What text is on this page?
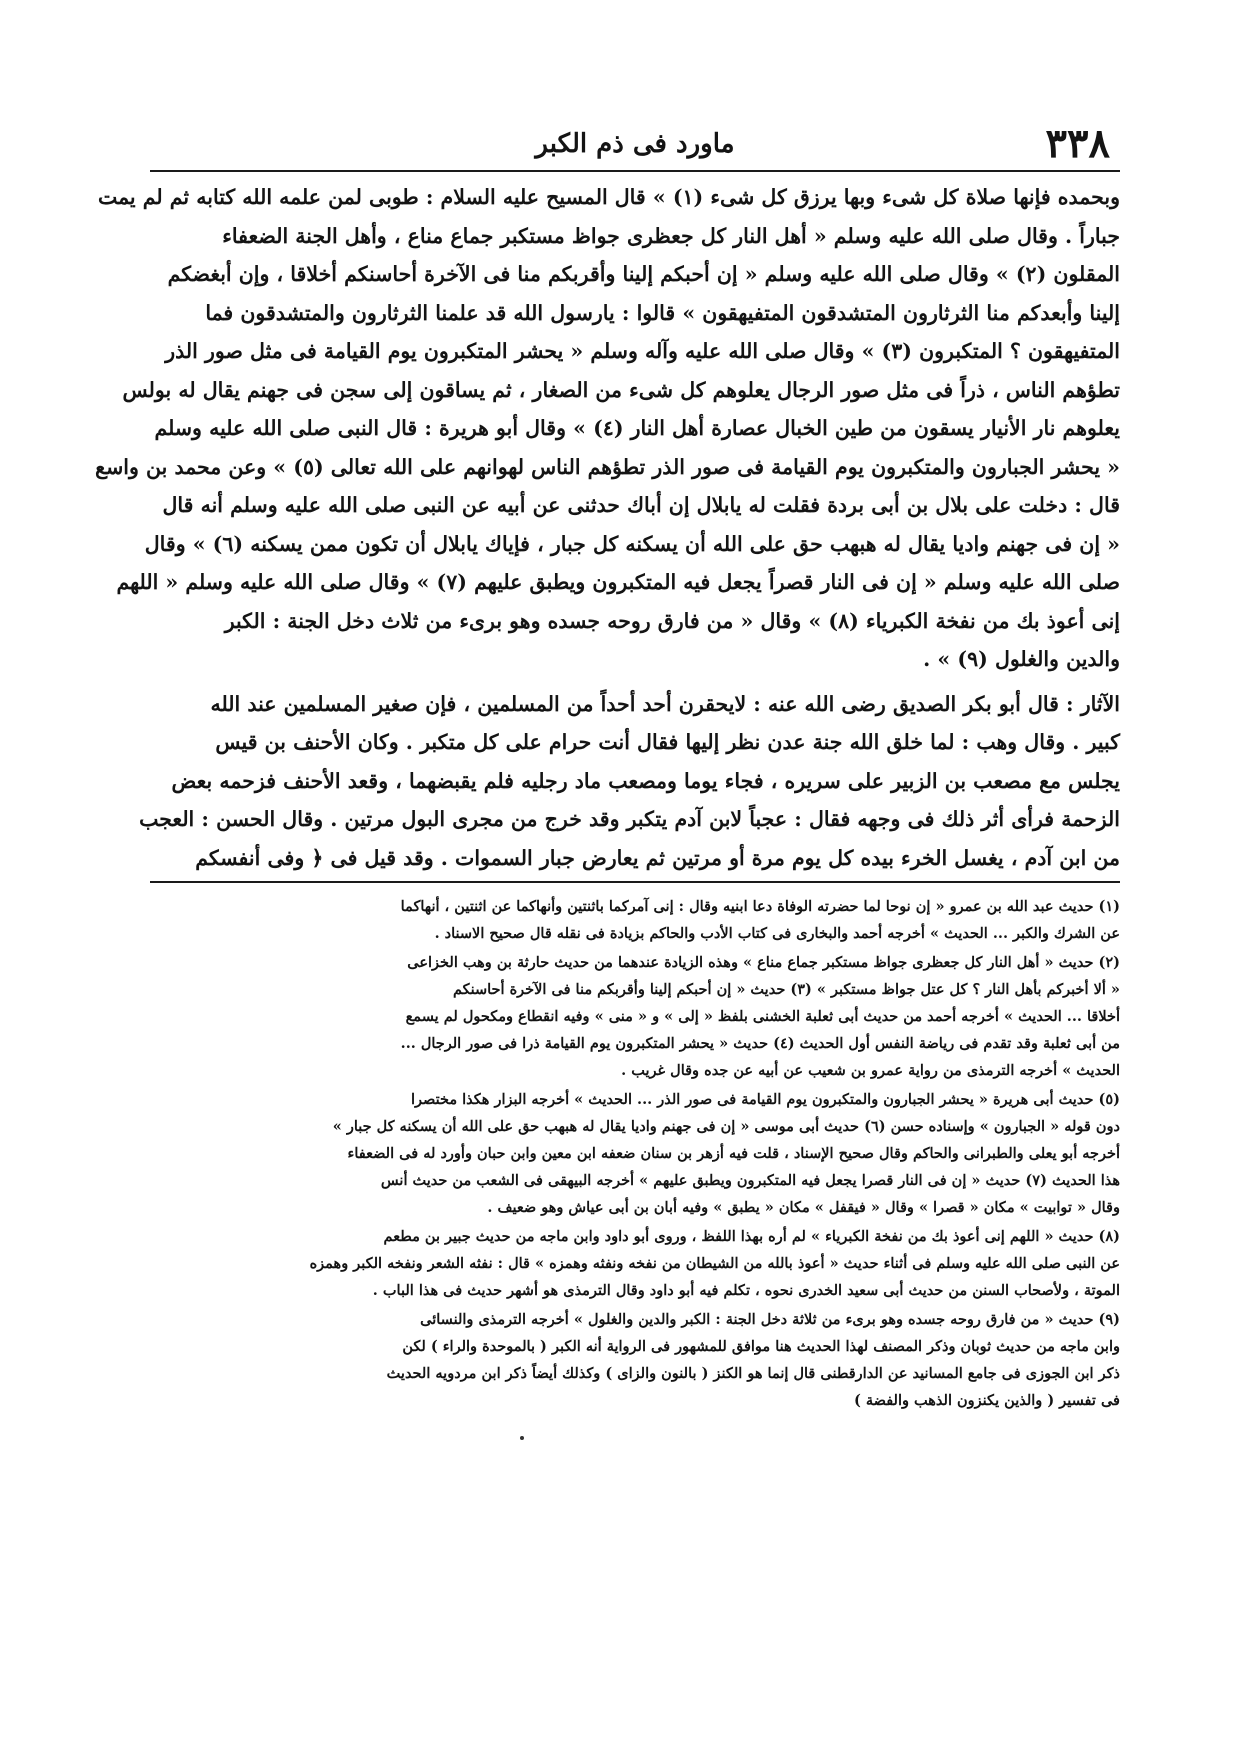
٣٣٨
ماورد فى ذم الكبر
وبحمده فإنها صلاة كل شىء وبها يرزق كل شىء (١) » قال المسيح عليه السلام : طوبى لمن علمه الله كتابه ثم لم يمت
جباراً . وقال صلى الله عليه وسلم « أهل النار كل جعظرى جواظ مستكبر جماع مناع ، وأهل الجنة الضعفاء
المقلون (٢) » وقال صلى الله عليه وسلم « إن أحبكم إلينا وأقربكم منا فى الآخرة أحاسنكم أخلاقا ، وإن أبغضكم
إلينا وأبعدكم منا الثرثارون المتشدقون المتفيهقون » قالوا : يارسول الله قد علمنا الثرثارون والمتشدقون فما
المتفيهقون ؟ المتكبرون (٣) » وقال صلى الله عليه وآله وسلم « يحشر المتكبرون يوم القيامة فى مثل صور الذر
تطؤهم الناس ، ذراً فى مثل صور الرجال يعلوهم كل شىء من الصغار ، ثم يساقون إلى سجن فى جهنم يقال له بولس
يعلوهم نار الأنيار يسقون من طين الخبال عصارة أهل النار (٤) » وقال أبو هريرة : قال النبى صلى الله عليه وسلم
« يحشر الجبارون والمتكبرون يوم القيامة فى صور الذر تطؤهم الناس لهوانهم على الله تعالى (٥) » وعن محمد بن واسع
قال : دخلت على بلال بن أبى بردة فقلت له يابلال إن أباك حدثنى عن أبيه عن النبى صلى الله عليه وسلم أنه قال
« إن فى جهنم واديا يقال له هبهب حق على الله أن يسكنه كل جبار ، فإياك يابلال أن تكون ممن يسكنه (٦) » وقال
صلى الله عليه وسلم « إن فى النار قصراً يجعل فيه المتكبرون ويطبق عليهم (٧) » وقال صلى الله عليه وسلم « اللهم
إنى أعوذ بك من نفخة الكبرياء (٨) » وقال « من فارق روحه جسده وهو برىء من ثلاث دخل الجنة : الكبر
والدين والغلول (٩) » .
الآثار : قال أبو بكر الصديق رضى الله عنه : لايحقرن أحد أحداً من المسلمين ، فإن صغير المسلمين عند الله
كبير . وقال وهب : لما خلق الله جنة عدن نظر إليها فقال أنت حرام على كل متكبر . وكان الأحنف بن قيس
يجلس مع مصعب بن الزبير على سريره ، فجاء يوما ومصعب ماد رجليه فلم يقبضهما ، وقعد الأحنف فزحمه بعض
الزحمة فرأى أثر ذلك فى وجهه فقال : عجباً لابن آدم يتكبر وقد خرج من مجرى البول مرتين . وقال الحسن : العجب
من ابن آدم ، يغسل الخرء بيده كل يوم مرة أو مرتين ثم يعارض جبار السموات . وقد قيل فى ﴿ وفى أنفسكم
(١) حديث عبد الله بن عمرو « إن نوحا لما حضرته الوفاة دعا ابنيه وقال : إنى آمركما باثنتين وأنهاكما عن اثنتين ، أنهاكما
عن الشرك والكبر ... الحديث » أخرجه أحمد والبخارى فى كتاب الأدب والحاكم بزيادة فى نقله قال صحيح الاسناد .
(٢) حديث « أهل النار كل جعظرى جواظ مستكبر جماع مناع » وهذه الزيادة عندهما من حديث حارثة بن وهب الخزاعى
« ألا أخبركم بأهل النار ؟ كل عتل جواظ مستكبر » (٣) حديث « إن أحبكم إلينا وأقربكم منا فى الآخرة أحاسنكم
أخلاقا ... الحديث » أخرجه أحمد من حديث أبى ثعلبة الخشنى بلفظ « إلى » و « منى » وفيه انقطاع ومكحول لم يسمع
من أبى ثعلبة وقد تقدم فى رياضة النفس أول الحديث (٤) حديث « يحشر المتكبرون يوم القيامة ذرا فى صور الرجال ...
الحديث » أخرجه الترمذى من رواية عمرو بن شعيب عن أبيه عن جده وقال غريب .
(٥) حديث أبى هريرة « يحشر الجبارون والمتكبرون يوم القيامة فى صور الذر ... الحديث » أخرجه البزار هكذا مختصرا
دون قوله « الجبارون » وإسناده حسن (٦) حديث أبى موسى « إن فى جهنم واديا يقال له هبهب حق على الله أن يسكنه كل جبار »
أخرجه أبو يعلى والطبرانى والحاكم وقال صحيح الإسناد ، قلت فيه أزهر بن سنان ضعفه ابن معين وابن حبان وأورد له فى الضعفاء
هذا الحديث (٧) حديث « إن فى النار قصرا يجعل فيه المتكبرون ويطبق عليهم » أخرجه البيهقى فى الشعب من حديث أنس
وقال « توابيت » مكان « قصرا » وقال « فيقفل » مكان « يطبق » وفيه أبان بن أبى عياش وهو ضعيف .
(٨) حديث « اللهم إنى أعوذ بك من نفخة الكبرياء » لم أره بهذا اللفظ ، وروى أبو داود وابن ماجه من حديث جبير بن مطعم
عن النبى صلى الله عليه وسلم فى أثناء حديث « أعوذ بالله من الشيطان من نفخه ونفثه وهمزه » قال : نفثه الشعر ونفخه الكبر وهمزه
الموتة ، ولأصحاب السنن من حديث أبى سعيد الخدرى نحوه ، تكلم فيه أبو داود وقال الترمذى هو أشهر حديث فى هذا الباب .
(٩) حديث « من فارق روحه جسده وهو برىء من ثلاثة دخل الجنة : الكبر والدين والغلول » أخرجه الترمذى والنسائى
وابن ماجه من حديث ثوبان وذكر المصنف لهذا الحديث هنا موافق للمشهور فى الرواية أنه الكبر ( بالموحدة والراء ) لكن
ذكر ابن الجوزى فى جامع المسانيد عن الدارقطنى قال إنما هو الكنز ( بالنون والزاى ) وكذلك أيضاً ذكر ابن مردويه الحديث
فى تفسير ( والذين يكنزون الذهب والفضة )
